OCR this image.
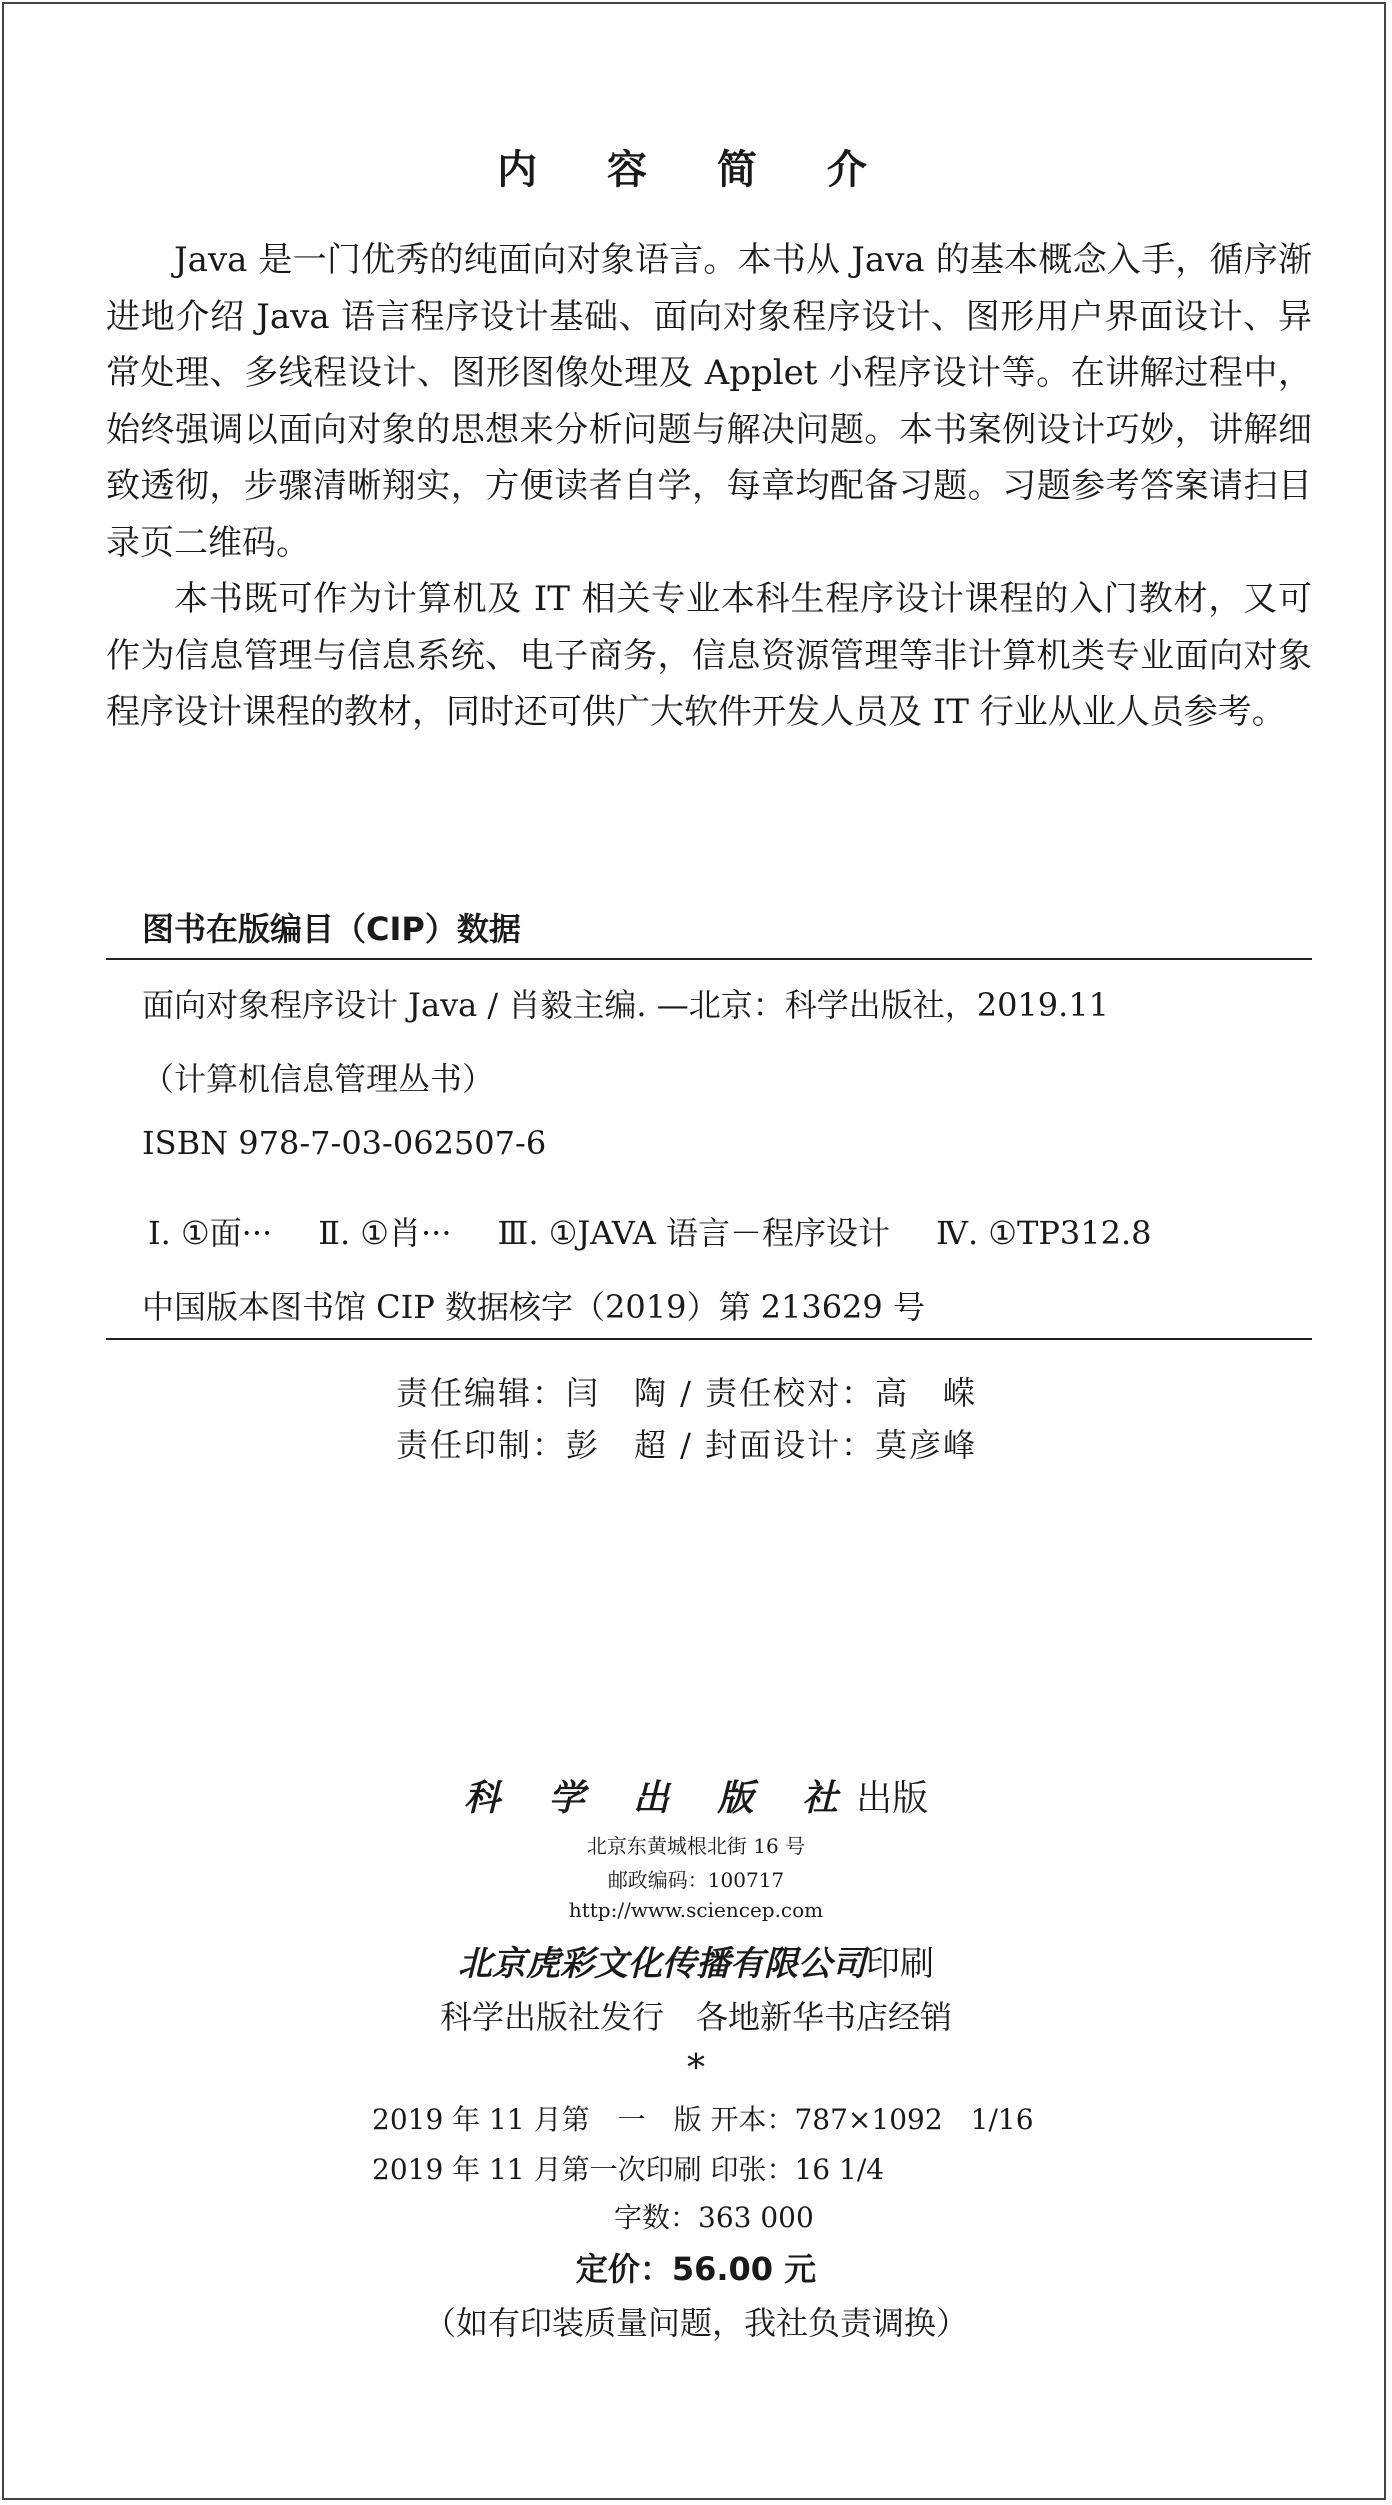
内 容 简 介

Java 是一门优秀的纯面向对象语言。本书从 Java 的基本概念入手，循序渐进地介绍 Java 语言程序设计基础、面向对象程序设计、图形用户界面设计、异常处理、多线程设计、图形图像处理及 Applet 小程序设计等。在讲解过程中，始终强调以面向对象的思想来分析问题与解决问题。本书案例设计巧妙，讲解细致透彻，步骤清晰翔实，方便读者自学，每章均配备习题。习题参考答案请扫目录页二维码。

本书既可作为计算机及 IT 相关专业本科生程序设计课程的入门教材，又可作为信息管理与信息系统、电子商务，信息资源管理等非计算机类专业面向对象程序设计课程的教材，同时还可供广大软件开发人员及 IT 行业从业人员参考。

图书在版编目（CIP）数据
面向对象程序设计 Java / 肖毅主编. —北京：科学出版社，2019.11
（计算机信息管理丛书）
ISBN 978-7-03-062507-6
Ⅰ. ①面··· Ⅱ. ①肖··· Ⅲ. ①JAVA 语言－程序设计 Ⅳ. ①TP312.8
中国版本图书馆 CIP 数据核字（2019）第 213629 号
责任编辑：闫　陶 / 责任校对：高　嵘
责任印制：彭　超 / 封面设计：莫彦峰
科 学 出 版 社出版
北京东黄城根北街 16 号
邮政编码：100717
http://www.sciencep.com
北京虎彩文化传播有限公司印刷
科学出版社发行　各地新华书店经销
*
2019 年 11 月第　一　版 开本：787×1092　1/16
2019 年 11 月第一次印刷 印张：16 1/4
字数：363 000
定价：56.00 元
（如有印装质量问题，我社负责调换）
